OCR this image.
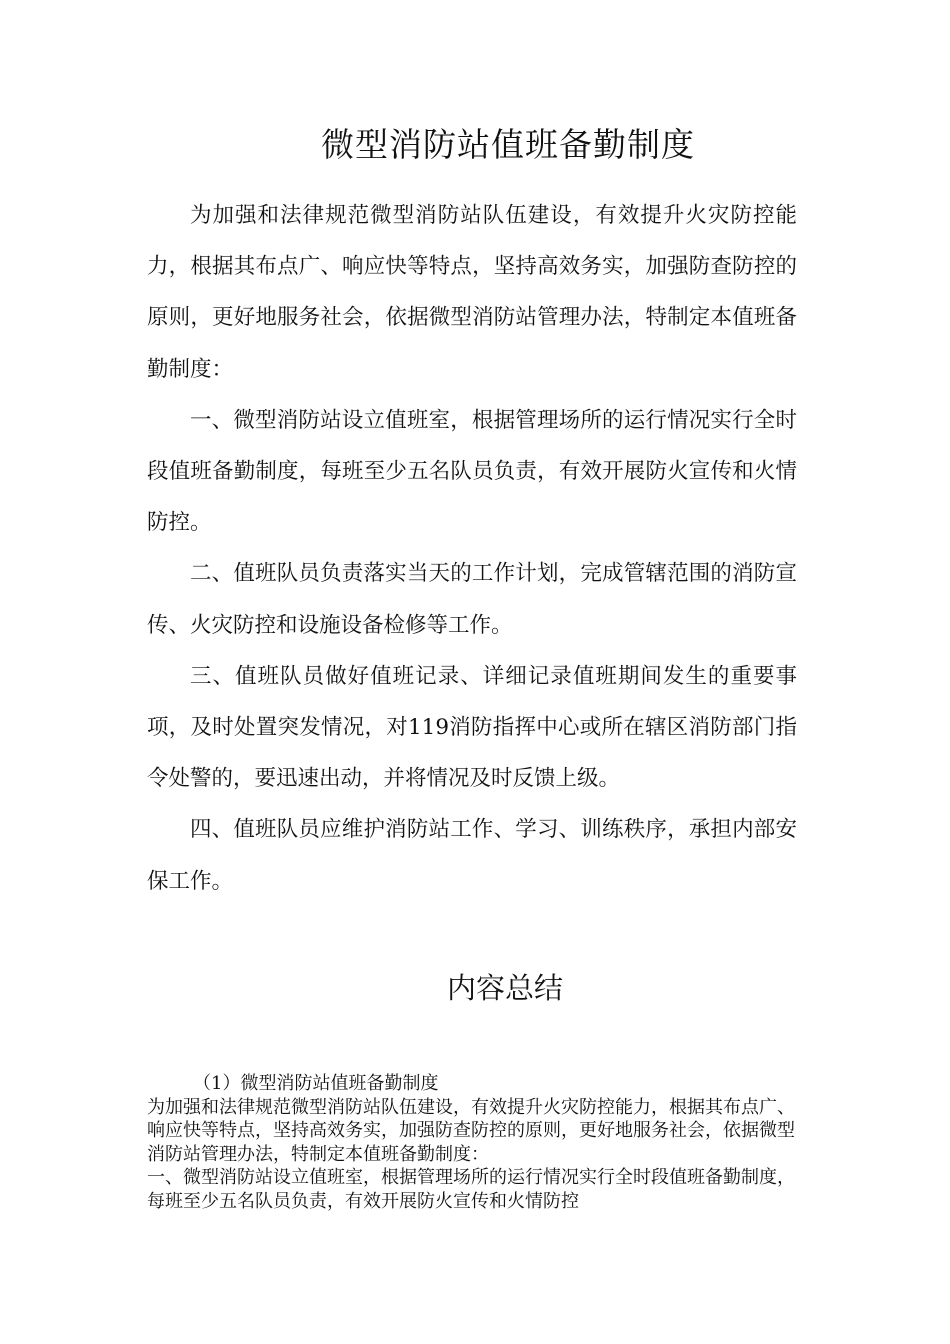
微型消防站值班备勤制度

为加强和法律规范微型消防站队伍建设，有效提升火灾防控能力，根据其布点广、响应快等特点，坚持高效务实，加强防查防控的原则，更好地服务社会，依据微型消防站管理办法，特制定本值班备勤制度：

一、微型消防站设立值班室，根据管理场所的运行情况实行全时段值班备勤制度，每班至少五名队员负责，有效开展防火宣传和火情防控。

二、值班队员负责落实当天的工作计划，完成管辖范围的消防宣传、火灾防控和设施设备检修等工作。

三、值班队员做好值班记录、详细记录值班期间发生的重要事项，及时处置突发情况，对119消防指挥中心或所在辖区消防部门指令处警的，要迅速出动，并将情况及时反馈上级。

四、值班队员应维护消防站工作、学习、训练秩序，承担内部安保工作。

内容总结

（1）微型消防站值班备勤制度

为加强和法律规范微型消防站队伍建设，有效提升火灾防控能力，根据其布点广、响应快等特点，坚持高效务实，加强防查防控的原则，更好地服务社会，依据微型消防站管理办法，特制定本值班备勤制度：

一、微型消防站设立值班室，根据管理场所的运行情况实行全时段值班备勤制度，每班至少五名队员负责，有效开展防火宣传和火情防控
